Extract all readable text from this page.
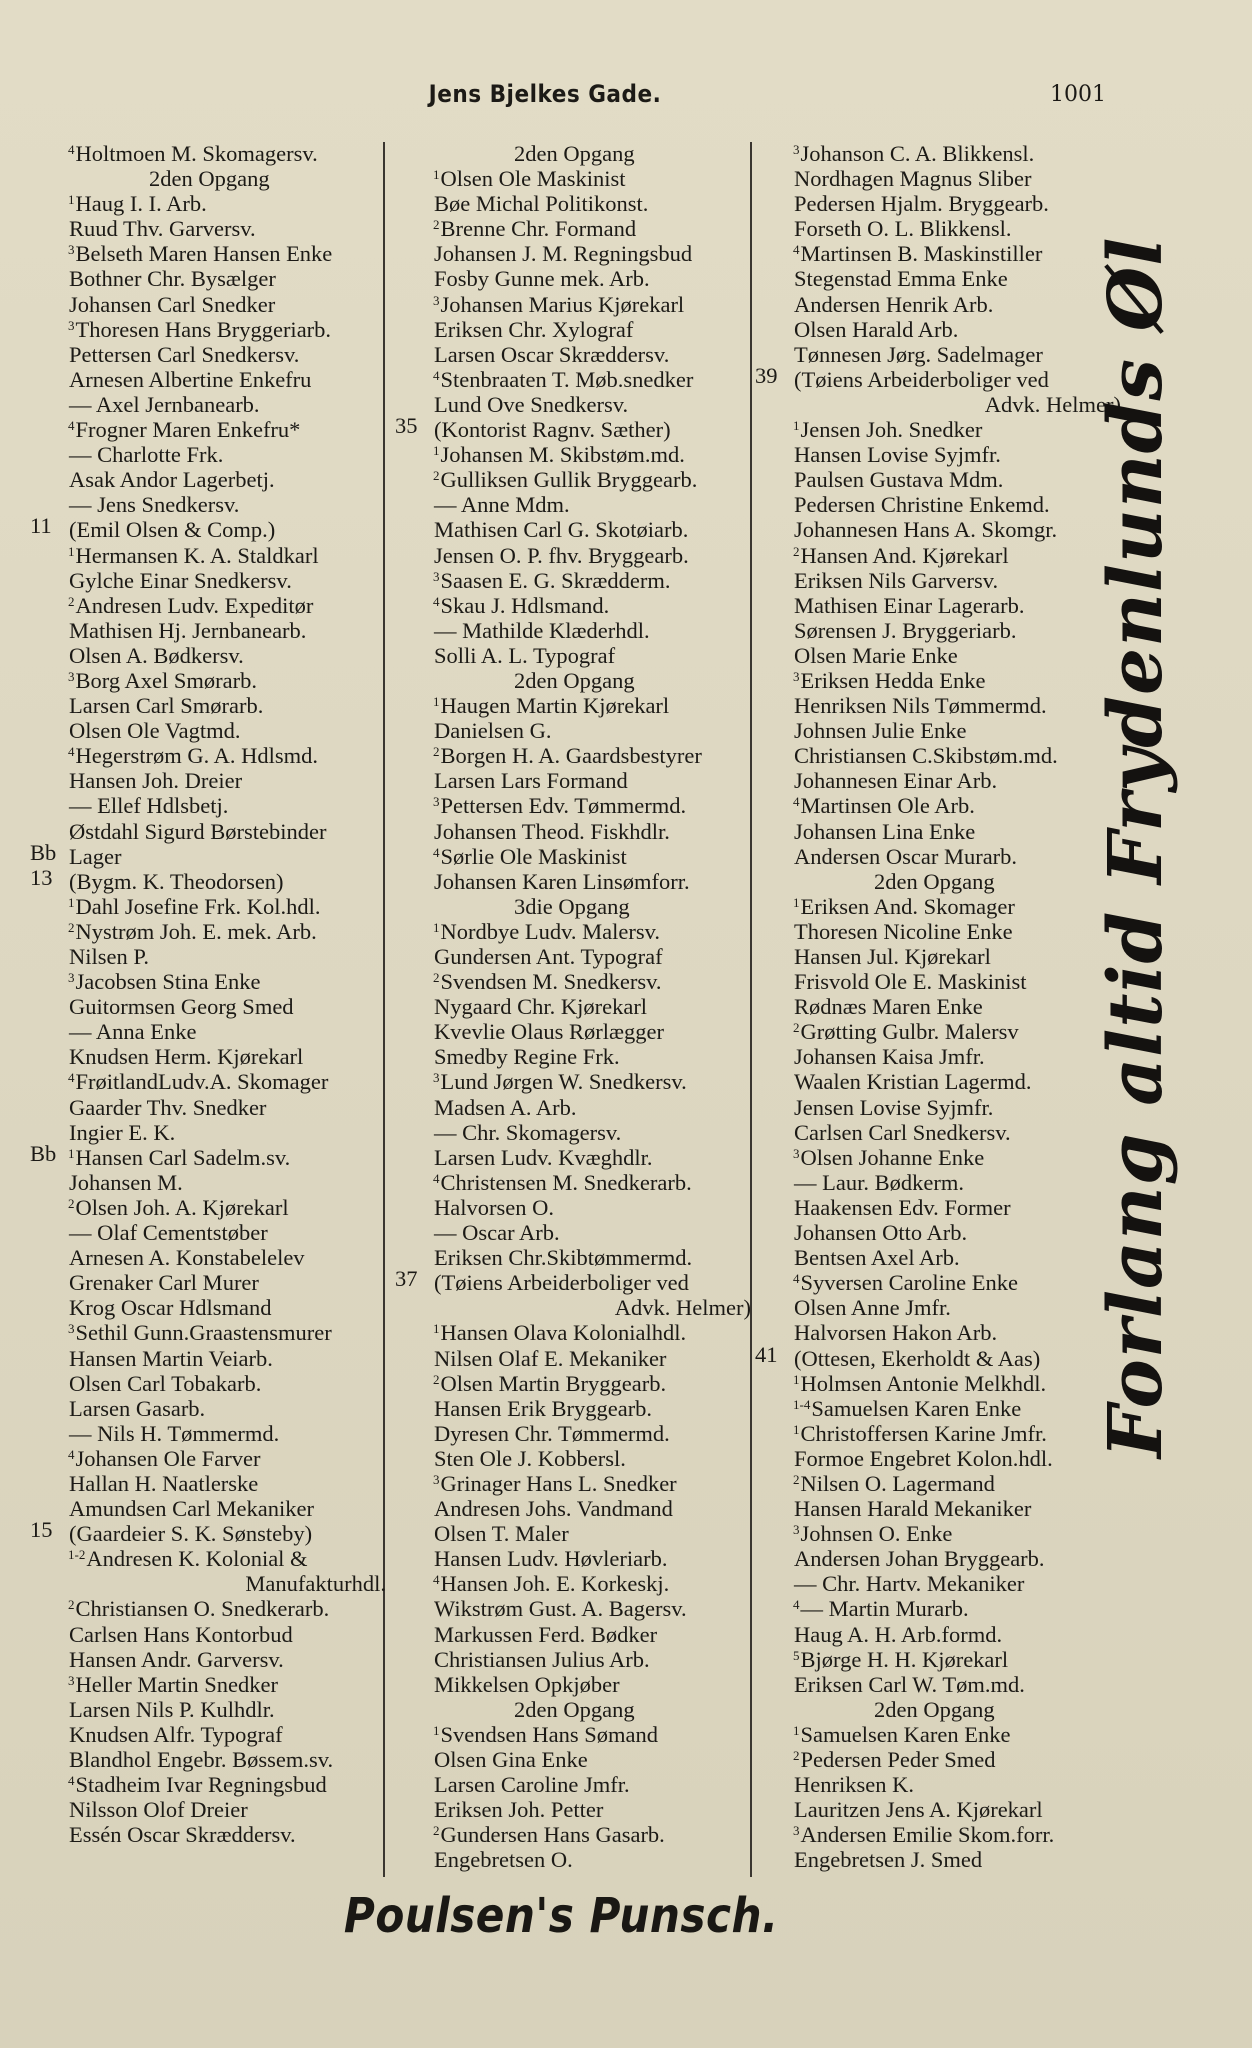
Jens Bjelkes Gade.	1001
$^4$Holtmoen M. Skomagersv.
2den Opgang
$^1$Haug I. I. Arb.
Ruud Thv. Garversv.
$^3$Belseth Maren Hansen Enke
Bothner Chr. Bysælger
Johansen Carl Snedker
$^3$Thoresen Hans Bryggeriarb.
Pettersen Carl Snedkersv.
Arnesen Albertine Enkefru
— Axel Jernbanearb.
$^4$Frogner Maren Enkefru*
— Charlotte Frk.
Asak Andor Lagerbetj.
— Jens Snedkersv.
11 (Emil Olsen & Comp.)
$^1$Hermansen K. A. Staldkarl
Gylche Einar Snedkersv.
$^2$Andresen Ludv. Expeditør
Mathisen Hj. Jernbanearb.
Olsen A. Bødkersv.
$^3$Borg Axel Smørarb.
Larsen Carl Smørarb.
Olsen Ole Vagtmd.
$^4$Hegerstrøm G. A. Hdlsmd.
Hansen Joh. Dreier
— Ellef Hdlsbetj.
Østdahl Sigurd Børstebinder
Bb Lager
13 (Bygm. K. Theodorsen)
$^1$Dahl Josefine Frk. Kol.hdl.
$^2$Nystrøm Joh. E. mek. Arb.
Nilsen P.
$^3$Jacobsen Stina Enke
Guitormsen Georg Smed
— Anna Enke
Knudsen Herm. Kjørekarl
$^4$FrøitlandLudv.A. Skomager
Gaarder Thv. Snedker
Ingier E. K.
Bb $^1$Hansen Carl Sadelm.sv.
Johansen M.
$^2$Olsen Joh. A. Kjørekarl
— Olaf Cementstøber
Arnesen A. Konstabelelev
Grenaker Carl Murer
Krog Oscar Hdlsmand
$^3$Sethil Gunn.Graastensmurer
Hansen Martin Veiarb.
Olsen Carl Tobakarb.
Larsen Gasarb.
— Nils H. Tømmermd.
$^4$Johansen Ole Farver
Hallan H. Naatlerske
Amundsen Carl Mekaniker
15 (Gaardeier S. K. Sønsteby)
$^{1-2}$Andresen K. Kolonial &
Manufakturhdl.
$^2$Christiansen O. Snedkerarb.
Carlsen Hans Kontorbud
Hansen Andr. Garversv.
$^3$Heller Martin Snedker
Larsen Nils P. Kulhdlr.
Knudsen Alfr. Typograf
Blandhol Engebr. Bøssem.sv.
$^4$Stadheim Ivar Regningsbud
Nilsson Olof Dreier
Essén Oscar Skræddersv.
2den Opgang
$^1$Olsen Ole Maskinist
Bøe Michal Politikonst.
$^2$Brenne Chr. Formand
Johansen J. M. Regningsbud
Fosby Gunne mek. Arb.
$^3$Johansen Marius Kjørekarl
Eriksen Chr. Xylograf
Larsen Oscar Skræddersv.
$^4$Stenbraaten T. Møb.snedker
Lund Ove Snedkersv.
35 (Kontorist Ragnv. Sæther)
$^1$Johansen M. Skibstøm.md.
$^2$Gulliksen Gullik Bryggearb.
— Anne Mdm.
Mathisen Carl G. Skotøiarb.
Jensen O. P. fhv. Bryggearb.
$^3$Saasen E. G. Skrædderm.
$^4$Skau J. Hdlsmand.
— Mathilde Klæderhdl.
Solli A. L. Typograf
2den Opgang
$^1$Haugen Martin Kjørekarl
Danielsen G.
$^2$Borgen H. A. Gaardsbestyrer
Larsen Lars Formand
$^3$Pettersen Edv. Tømmermd.
Johansen Theod. Fiskhdlr.
$^4$Sørlie Ole Maskinist
Johansen Karen Linsømforr.
3die Opgang
$^1$Nordbye Ludv. Malersv.
Gundersen Ant. Typograf
$^2$Svendsen M. Snedkersv.
Nygaard Chr. Kjørekarl
Kvevlie Olaus Rørlægger
Smedby Regine Frk.
$^3$Lund Jørgen W. Snedkersv.
Madsen A. Arb.
— Chr. Skomagersv.
Larsen Ludv. Kvæghdlr.
$^4$Christensen M. Snedkerarb.
Halvorsen O.
— Oscar Arb.
Eriksen Chr.Skibtømmermd.
37 (Tøiens Arbeiderboliger ved
Advk. Helmer)
$^1$Hansen Olava Kolonialhdl.
Nilsen Olaf E. Mekaniker
$^2$Olsen Martin Bryggearb.
Hansen Erik Bryggearb.
Dyresen Chr. Tømmermd.
Sten Ole J. Kobbersl.
$^3$Grinager Hans L. Snedker
Andresen Johs. Vandmand
Olsen T. Maler
Hansen Ludv. Høvleriarb.
$^4$Hansen Joh. E. Korkeskj.
Wikstrøm Gust. A. Bagersv.
Markussen Ferd. Bødker
Christiansen Julius Arb.
Mikkelsen Opkjøber
2den Opgang
$^1$Svendsen Hans Sømand
Olsen Gina Enke
Larsen Caroline Jmfr.
Eriksen Joh. Petter
$^2$Gundersen Hans Gasarb.
Engebretsen O.
$^3$Johanson C. A. Blikkensl.
Nordhagen Magnus Sliber
Pedersen Hjalm. Bryggearb.
Forseth O. L. Blikkensl.
$^4$Martinsen B. Maskinstiller
Stegenstad Emma Enke
Andersen Henrik Arb.
Olsen Harald Arb.
Tønnesen Jørg. Sadelmager
39 (Tøiens Arbeiderboliger ved
Advk. Helmer)
$^1$Jensen Joh. Snedker
Hansen Lovise Syjmfr.
Paulsen Gustava Mdm.
Pedersen Christine Enkemd.
Johannesen Hans A. Skomgr.
$^2$Hansen And. Kjørekarl
Eriksen Nils Garversv.
Mathisen Einar Lagerarb.
Sørensen J. Bryggeriarb.
Olsen Marie Enke
$^3$Eriksen Hedda Enke
Henriksen Nils Tømmermd.
Johnsen Julie Enke
Christiansen C.Skibstøm.md.
Johannesen Einar Arb.
$^4$Martinsen Ole Arb.
Johansen Lina Enke
Andersen Oscar Murarb.
2den Opgang
$^1$Eriksen And. Skomager
Thoresen Nicoline Enke
Hansen Jul. Kjørekarl
Frisvold Ole E. Maskinist
Rødnæs Maren Enke
$^2$Grøtting Gulbr. Malersv
Johansen Kaisa Jmfr.
Waalen Kristian Lagermd.
Jensen Lovise Syjmfr.
Carlsen Carl Snedkersv.
$^3$Olsen Johanne Enke
— Laur. Bødkerm.
Haakensen Edv. Former
Johansen Otto Arb.
Bentsen Axel Arb.
$^4$Syversen Caroline Enke
Olsen Anne Jmfr.
Halvorsen Hakon Arb.
41 (Ottesen, Ekerholdt & Aas)
$^1$Holmsen Antonie Melkhdl.
$^{1-4}$Samuelsen Karen Enke
$^1$Christoffersen Karine Jmfr.
Formoe Engebret Kolon.hdl.
$^2$Nilsen O. Lagermand
Hansen Harald Mekaniker
$^3$Johnsen O. Enke
Andersen Johan Bryggearb.
— Chr. Hartv. Mekaniker
$^4$— Martin Murarb.
Haug A. H. Arb.formd.
$^5$Bjørge H. H. Kjørekarl
Eriksen Carl W. Tøm.md.
2den Opgang
$^1$Samuelsen Karen Enke
$^2$Pedersen Peder Smed
Henriksen K.
Lauritzen Jens A. Kjørekarl
$^3$Andersen Emilie Skom.forr.
Engebretsen J. Smed
Forlang altid Frydenlunds Øl
Poulsen's Punsch.
